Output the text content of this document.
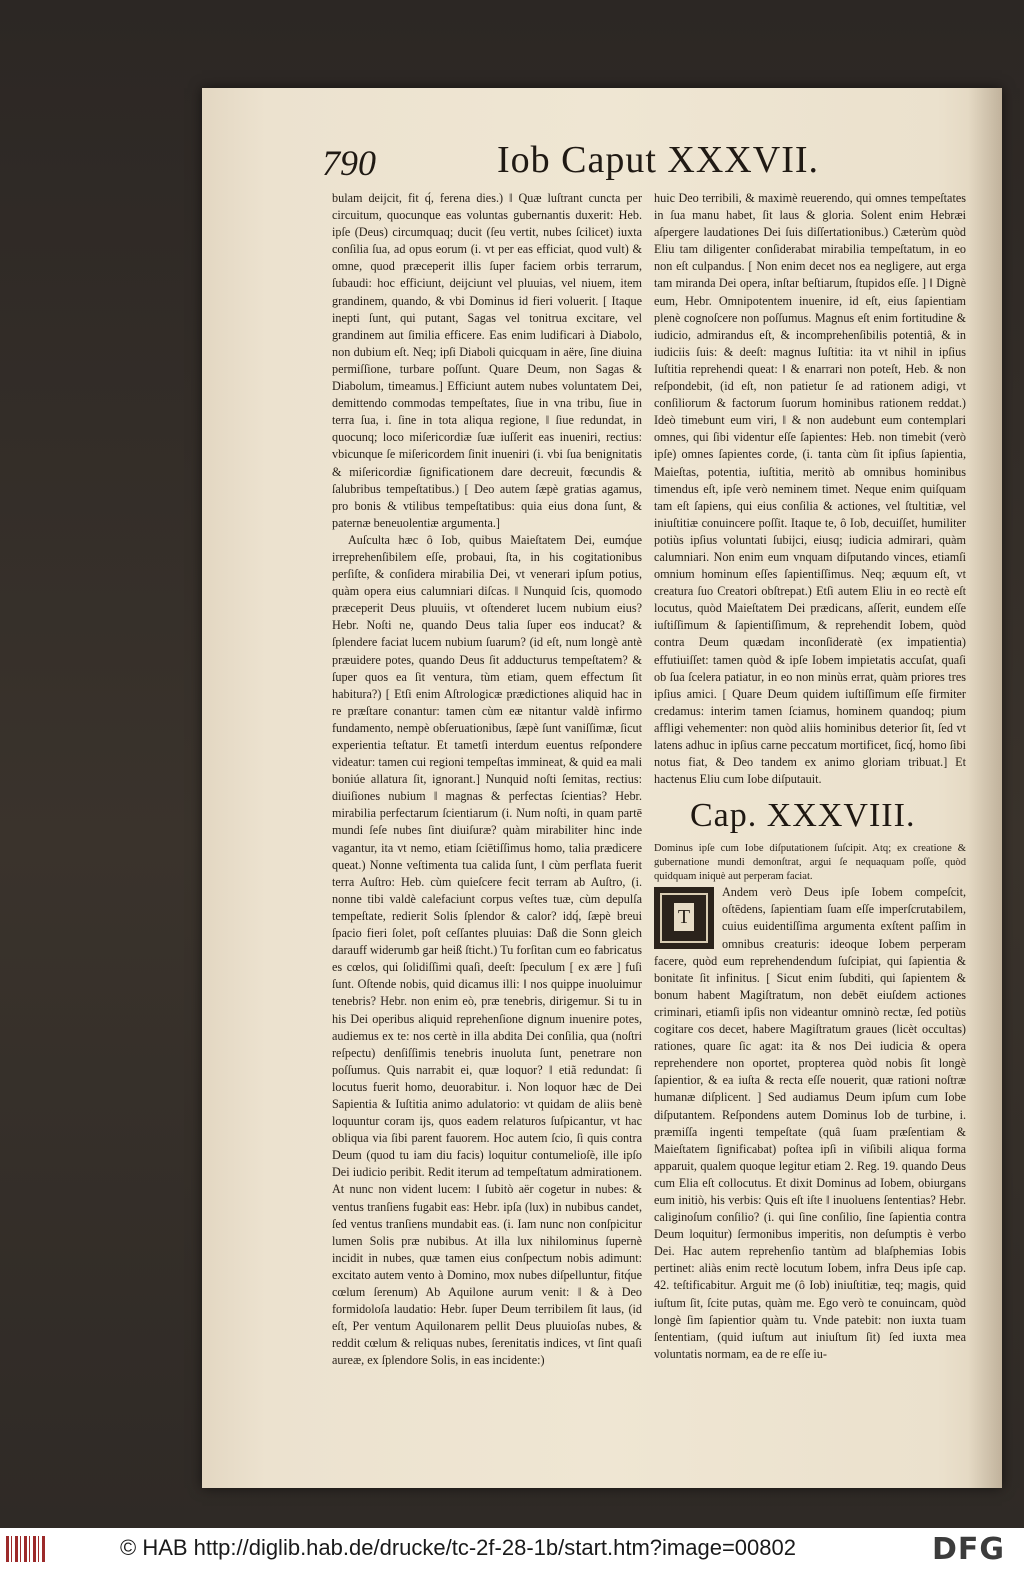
790	Iob Caput XXXVII.

bulam deijcit, fit q́, ferena dies.) ‖ Quæ luſtrant cuncta per circuitum, quocunque eas voluntas gubernantis duxerit: Heb. ipſe (Deus) circumquaq; ducit (ſeu vertit, nubes ſcilicet) iuxta conſilia ſua, ad opus eorum (i. vt per eas efficiat, quod vult) & omne, quod præceperit illis ſuper faciem orbis terrarum, ſubaudi: hoc efficiunt, deijciunt vel pluuias, vel niuem, item grandinem, quando, & vbi Dominus id fieri voluerit. [ Itaque inepti ſunt, qui putant, Sagas vel tonitrua excitare, vel grandinem aut ſimilia efficere. Eas enim ludificari à Diabolo, non dubium eſt. Neq; ipſi Diaboli quicquam in aëre, ſine diuina permiſſione, turbare poſſunt. Quare Deum, non Sagas & Diabolum, timeamus.] Efficiunt autem nubes voluntatem Dei, demittendo commodas tempeſtates, ſiue in vna tribu, ſiue in terra ſua, i. ſine in tota aliqua regione, ‖ ſiue redundat, in quocunq; loco miſericordiæ ſuæ iuſſerit eas inueniri, rectius: vbicunque ſe miſericordem ſinit inueniri (i. vbi ſua benignitatis & miſericordiæ ſignificationem dare decreuit, fœcundis & ſalubribus tempeſtatibus.) [ Deo autem ſæpè gratias agamus, pro bonis & vtilibus tempeſtatibus: quia eius dona ſunt, & paternæ beneuolentiæ argumenta.]

Auſculta hæc ô Iob, quibus Maieſtatem Dei, eumq́ue irreprehenſibilem eſſe, probaui, ſta, in his cogitationibus perſiſte, & conſidera mirabilia Dei, vt venerari ipſum potius, quàm opera eius calumniari diſcas. ‖ Nunquid ſcis, quomodo præceperit Deus pluuiis, vt oſtenderet lucem nubium eius? Hebr. Noſti ne, quando Deus talia ſuper eos inducat? & ſplendere faciat lucem nubium ſuarum? (id eſt, num longè antè præuidere potes, quando Deus ſit adducturus tempeſtatem? & ſuper quos ea ſit ventura, tùm etiam, quem effectum ſit habitura?) [ Etſi enim Aſtrologicæ prædictiones aliquid hac in re præſtare conantur: tamen cùm eæ nitantur valdè infirmo fundamento, nempè obſeruationibus, ſæpè ſunt vaniſſimæ, ſicut experientia teſtatur. Et tametſi interdum euentus reſpondere videatur: tamen cui regioni tempeſtas immineat, & quid ea mali boniúe allatura ſit, ignorant.] Nunquid noſti ſemitas, rectius: diuiſiones nubium ‖ magnas & perfectas ſcientias? Hebr. mirabilia perfectarum ſcientiarum (i. Num noſti, in quam partē mundi ſeſe nubes ſint diuiſuræ? quàm mirabiliter hinc inde vagantur, ita vt nemo, etiam ſciētiſſimus homo, talia prædicere queat.) Nonne veſtimenta tua calida ſunt, ‖ cùm perflata fuerit terra Auſtro: Heb. cùm quieſcere fecit terram ab Auſtro, (i. nonne tibi valdè calefaciunt corpus veſtes tuæ, cùm depulſa tempeſtate, redierit Solis ſplendor & calor? idq́, ſæpè breui ſpacio fieri ſolet, poſt ceſſantes pluuias: Daß die Sonn gleich darauff widerumb gar heiß ſticht.) Tu forſitan cum eo fabricatus es cœlos, qui ſolidiſſimi quaſi, deeſt: ſpeculum [ ex ære ] fuſi ſunt. Oſtende nobis, quid dicamus illi: ‖ nos quippe inuoluimur tenebris? Hebr. non enim eò, præ tenebris, dirigemur. Si tu in his Dei operibus aliquid reprehenſione dignum inuenire potes, audiemus ex te: nos certè in illa abdita Dei conſilia, qua (noſtri reſpectu) denſiſſimis tenebris inuoluta ſunt, penetrare non poſſumus. Quis narrabit ei, quæ loquor? ‖ etiã redundat: ſi locutus fuerit homo, deuorabitur. i. Non loquor hæc de Dei Sapientia & Iuſtitia animo adulatorio: vt quidam de aliis benè loquuntur coram ijs, quos eadem relaturos ſuſpicantur, vt hac obliqua via ſibi parent fauorem. Hoc autem ſcio, ſi quis contra Deum (quod tu iam diu facis) loquitur contumelioſè, ille ipſo Dei iudicio peribit. Redit iterum ad tempeſtatum admirationem. At nunc non vident lucem: ‖ ſubitò aër cogetur in nubes: & ventus tranſiens fugabit eas: Hebr. ipſa (lux) in nubibus candet, ſed ventus tranſiens mundabit eas. (i. Iam nunc non conſpicitur lumen Solis præ nubibus. At illa lux nihilominus ſupernè incidit in nubes, quæ tamen eius conſpectum nobis adimunt: excitato autem vento à Domino, mox nubes diſpelluntur, fitq́ue cœlum ſerenum) Ab Aquilone aurum venit: ‖ & à Deo formidoloſa laudatio: Hebr. ſuper Deum terribilem ſit laus, (id eſt, Per ventum Aquilonarem pellit Deus pluuioſas nubes, & reddit cœlum & reliquas nubes, ſerenitatis indices, vt ſint quaſi aureæ, ex ſplendore Solis, in eas incidente:)

huic Deo terribili, & maximè reuerendo, qui omnes tempeſtates in ſua manu habet, ſit laus & gloria. Solent enim Hebræi aſpergere laudationes Dei ſuis diſſertationibus.) Cæterùm quòd Eliu tam diligenter conſiderabat mirabilia tempeſtatum, in eo non eſt culpandus. [ Non enim decet nos ea negligere, aut erga tam miranda Dei opera, inſtar beſtiarum, ſtupidos eſſe. ] ‖ Dignè eum, Hebr. Omnipotentem inuenire, id eſt, eius ſapientiam plenè cognoſcere non poſſumus. Magnus eſt enim fortitudine & iudicio, admirandus eſt, & incomprehenſibilis potentiâ, & in iudiciis ſuis: & deeſt: magnus Iuſtitia: ita vt nihil in ipſius Iuſtitia reprehendi queat: ‖ & enarrari non poteſt, Heb. & non reſpondebit, (id eſt, non patietur ſe ad rationem adigi, vt conſiliorum & factorum ſuorum hominibus rationem reddat.) Ideò timebunt eum viri, ‖ & non audebunt eum contemplari omnes, qui ſibi videntur eſſe ſapientes: Heb. non timebit (verò ipſe) omnes ſapientes corde, (i. tanta cùm ſit ipſius ſapientia, Maieſtas, potentia, iuſtitia, meritò ab omnibus hominibus timendus eſt, ipſe verò neminem timet. Neque enim quiſquam tam eſt ſapiens, qui eius conſilia & actiones, vel ſtultitiæ, vel iniuſtitiæ conuincere poſſit. Itaque te, ô Iob, decuiſſet, humiliter potiùs ipſius voluntati ſubijci, eiusq; iudicia admirari, quàm calumniari. Non enim eum vnquam diſputando vinces, etiamſi omnium hominum eſſes ſapientiſſimus. Neq; æquum eſt, vt creatura ſuo Creatori obſtrepat.) Etſi autem Eliu in eo rectè eſt locutus, quòd Maieſtatem Dei prædicans, aſſerit, eundem eſſe iuſtiſſimum & ſapientiſſimum, & reprehendit Iobem, quòd contra Deum quædam inconſideratè (ex impatientia) effutiuiſſet: tamen quòd & ipſe Iobem impietatis accuſat, quaſi ob ſua ſcelera patiatur, in eo non minùs errat, quàm priores tres ipſius amici. [ Quare Deum quidem iuſtiſſimum eſſe firmiter credamus: interim tamen ſciamus, hominem quandoq; pium affligi vehementer: non quòd aliis hominibus deterior ſit, ſed vt latens adhuc in ipſius carne peccatum mortificet, ſicq́, homo ſibi notus fiat, & Deo tandem ex animo gloriam tribuat.] Et hactenus Eliu cum Iobe diſputauit.

Cap. XXXVIII.

Dominus ipſe cum Iobe diſputationem ſuſcipit. Atq; ex creatione & gubernatione mundi demonſtrat, argui ſe nequaquam poſſe, quòd quidquam iniquè aut perperam faciat.

T

Andem verò Deus ipſe Iobem compeſcit, oſtēdens, ſapientiam ſuam eſſe imperſcrutabilem, cuius euidentiſſima argumenta exſtent paſſim in omnibus creaturis: ideoque Iobem perperam facere, quòd eum reprehendendum ſuſcipiat, qui ſapientia & bonitate ſit infinitus. [ Sicut enim ſubditi, qui ſapientem & bonum habent Magiſtratum, non debēt eiuſdem actiones criminari, etiamſi ipſis non videantur omninò rectæ, ſed potiùs cogitare cos decet, habere Magiſtratum graues (licèt occultas) rationes, quare ſic agat: ita & nos Dei iudicia & opera reprehendere non oportet, propterea quòd nobis ſit longè ſapientior, & ea iuſta & recta eſſe nouerit, quæ rationi noſtræ humanæ diſplicent. ] Sed audiamus Deum ipſum cum Iobe diſputantem. Reſpondens autem Dominus Iob de turbine, i. præmiſſa ingenti tempeſtate (quâ ſuam præſentiam & Maieſtatem ſignificabat) poſtea ipſi in viſibili aliqua forma apparuit, qualem quoque legitur etiam 2. Reg. 19. quando Deus cum Elia eſt collocutus. Et dixit Dominus ad Iobem, obiurgans eum initiò, his verbis: Quis eſt iſte ‖ inuoluens ſententias? Hebr. caliginoſum conſilio? (i. qui ſine conſilio, ſine ſapientia contra Deum loquitur) ſermonibus imperitis, non deſumptis è verbo Dei. Hac autem reprehenſio tantùm ad blaſphemias Iobis pertinet: aliàs enim rectè locutum Iobem, infra Deus ipſe cap. 42. teſtificabitur. Arguit me (ô Iob) iniuſtitiæ, teq; magis, quid iuſtum ſit, ſcite putas, quàm me. Ego verò te conuincam, quòd longè ſim ſapientior quàm tu. Vnde patebit: non iuxta tuam ſententiam, (quid iuſtum aut iniuſtum ſit) ſed iuxta mea voluntatis normam, ea de re eſſe iu-

© HAB http://diglib.hab.de/drucke/tc-2f-28-1b/start.htm?image=00802	DFG
